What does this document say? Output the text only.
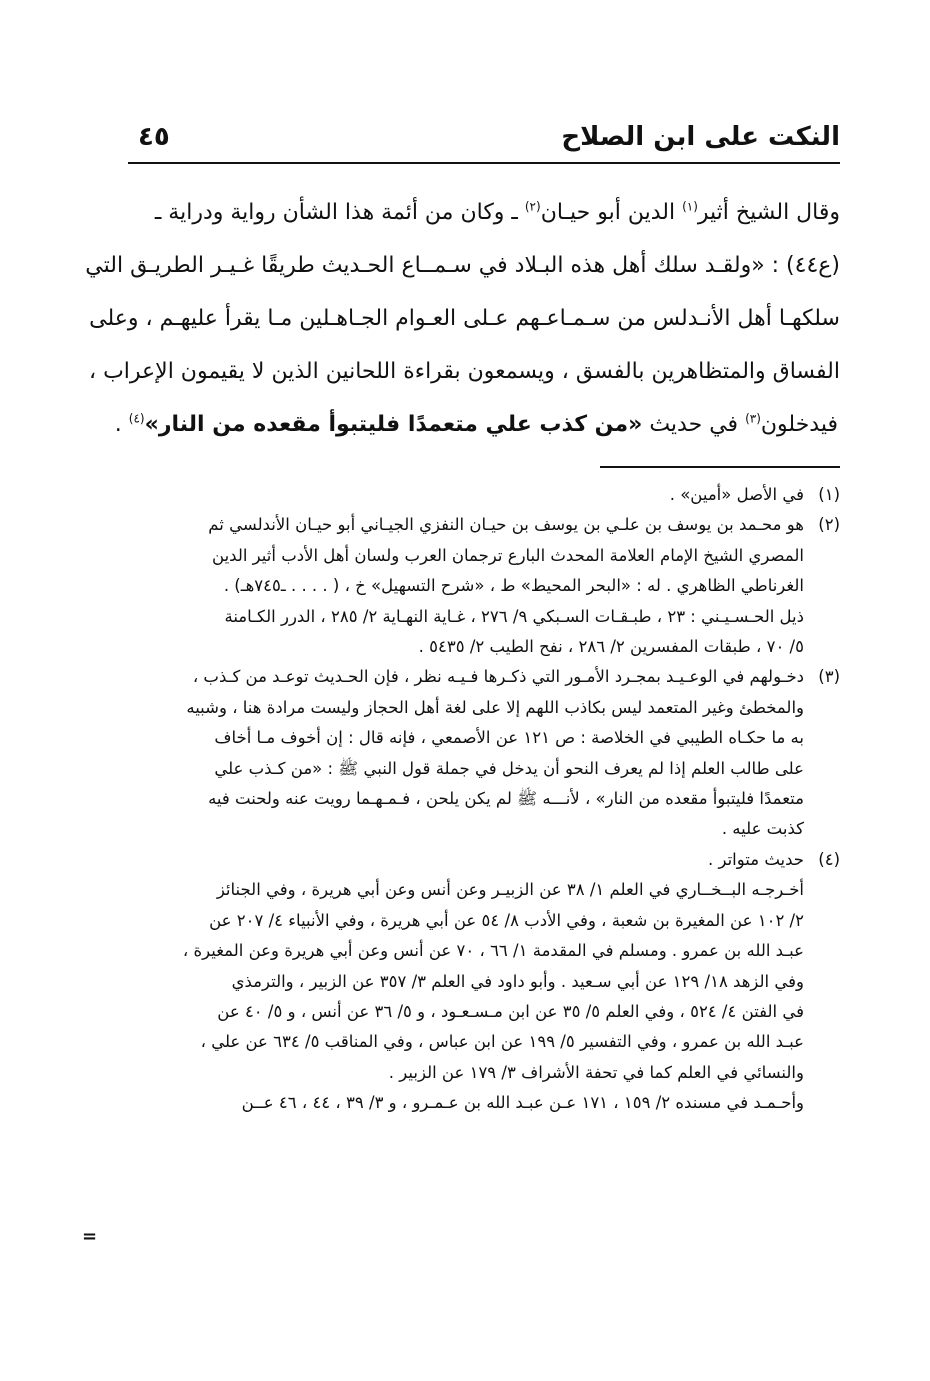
النكت على ابن الصلاح
٤٥
وقال الشيخ أثير$^{(١)}$ الدين أبو حيـان$^{(٢)}$ ـ وكان من أئمة هذا الشأن رواية ودراية ـ
(ع٤٤) : «ولقـد سلك أهل هذه البـلاد في سـمــاع الحـديث طريقًا غـيـر الطريـق التي
سلكهـا أهل الأنـدلس من سـمـاعـهم عـلى العـوام الجـاهـلين مـا يقرأ عليهـم ، وعلى
الفساق والمتظاهرين بالفسق ، ويسمعون بقراءة اللحانين الذين لا يقيمون الإعراب ،
فيدخلون$^{(٣)}$ في حديث «من كذب علي متعمدًا فليتبوأ مقعده من النار»$^{(٤)}$ .
(١)في الأصل «أمين» .
(٢)هو محـمد بن يوسف بن علـي بن يوسف بن حيـان النفزي الجيـاني أبو حيـان الأندلسي ثم
المصري الشيخ الإمام العلامة المحدث البارع ترجمان العرب ولسان أهل الأدب أثير الدين
الغرناطي الظاهري . له : «البحر المحيط» ط ، «شرح التسهيل» خ ، ( . . . . ـ٧٤٥هـ) .
ذيل الحـسـيـني : ٢٣ ، طبـقـات السـبكي ٩/ ٢٧٦ ، غـاية النهـاية ٢/ ٢٨٥ ، الدرر الكـامنة
٥/ ٧٠ ، طبقات المفسرين ٢/ ٢٨٦ ، نفح الطيب ٢/ ٥٤٣٥ .
(٣)دخـولهم في الوعـيـد بمجـرد الأمـور التي ذكـرها فـيـه نظر ، فإن الحـديث توعـد من كـذب ،
والمخطئ وغير المتعمد ليس بكاذب اللهم إلا على لغة أهل الحجاز وليست مرادة هنا ، وشبيه
به ما حكـاه الطيبي في الخلاصة : ص ١٢١ عن الأصمعي ، فإنه قال : إن أخوف مـا أخاف
على طالب العلم إذا لم يعرف النحو أن يدخل في جملة قول النبي ﷺ : «من كـذب علي
متعمدًا فليتبوأ مقعده من النار» ، لأنـــه ﷺ لم يكن يلحن ، فـمـهـما رويت عنه ولحنت فيه
كذبت عليه .
(٤)حديث متواتر .
أخـرجـه البــخــاري في العلم ١/ ٣٨ عن الزبيـر وعن أنس وعن أبي هريرة ، وفي الجنائز
٢/ ١٠٢ عن المغيرة بن شعبة ، وفي الأدب ٨/ ٥٤ عن أبي هريرة ، وفي الأنبياء ٤/ ٢٠٧ عن
عبـد الله بن عمرو . ومسلم في المقدمة ١/ ٦٦ ، ٧٠ عن أنس وعن أبي هريرة وعن المغيرة ،
وفي الزهد ١٨/ ١٢٩ عن أبي سـعيد . وأبو داود في العلم ٣/ ٣٥٧ عن الزبير ، والترمذي
في الفتن ٤/ ٥٢٤ ، وفي العلم ٥/ ٣٥ عن ابن مـسـعـود ، و ٥/ ٣٦ عن أنس ، و ٥/ ٤٠ عن
عبـد الله بن عمرو ، وفي التفسير ٥/ ١٩٩ عن ابن عباس ، وفي المناقب ٥/ ٦٣٤ عن علي ،
والنسائي في العلم كما في تحفة الأشراف ٣/ ١٧٩ عن الزبير .
وأحـمـد في مسنده ٢/ ١٥٩ ، ١٧١ عـن عبـد الله بن عـمـرو ، و ٣/ ٣٩ ، ٤٤ ، ٤٦ عــن
=
